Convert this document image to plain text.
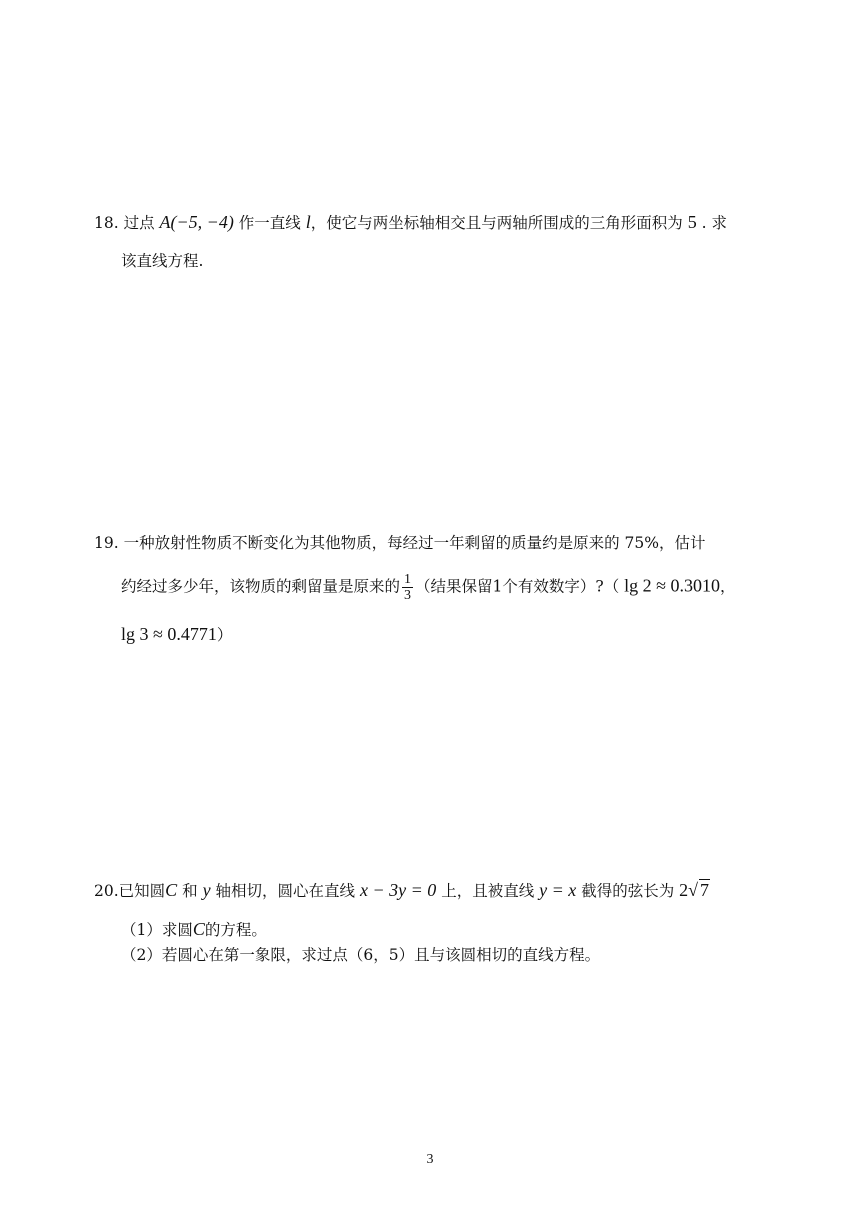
18. 过点 A(−5, −4) 作一直线 l，使它与两坐标轴相交且与两轴所围成的三角形面积为 5 . 求
该直线方程.
19. 一种放射性物质不断变化为其他物质，每经过一年剩留的质量约是原来的 75%，估计
约经过多少年，该物质的剩留量是原来的 $\frac{1}{3}$ （结果保留1个有效数字）?（ lg 2 ≈ 0.3010，
lg 3 ≈ 0.4771）
20.已知圆C 和 y 轴相切，圆心在直线 x − 3y = 0 上，且被直线 y = x 截得的弦长为 2√ 7
（1）求圆C的方程。
（2）若圆心在第一象限，求过点（6，5）且与该圆相切的直线方程。
3
